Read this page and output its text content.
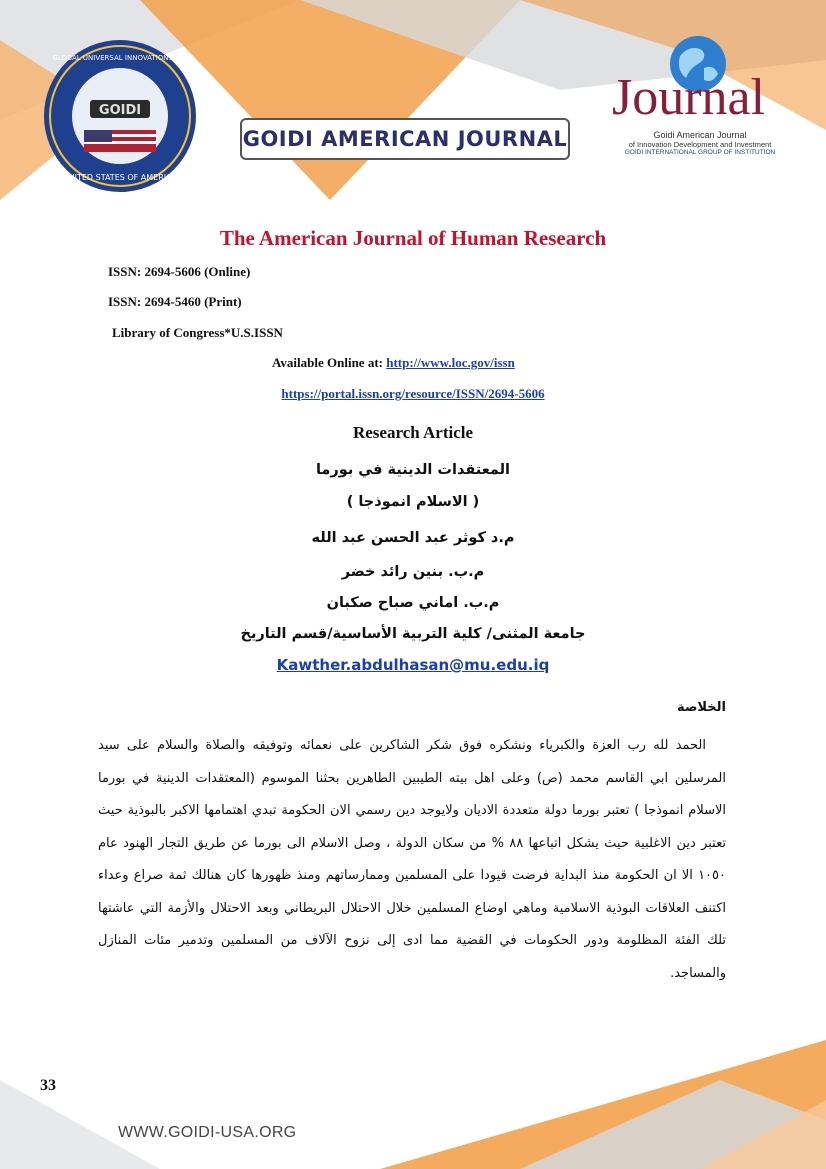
GOIDI
GLOBAL UNIVERSAL INNOVATIONS INC
UNITED STATES OF AMERICA
GOIDI AMERICAN JOURNAL
Journal
Goidi American Journal
of Innovation Development and Investment
GOIDI INTERNATIONAL GROUP OF INSTITUTION
The American Journal of Human Research
ISSN: 2694-5606 (Online)
ISSN: 2694-5460 (Print)
Library of Congress*U.S.ISSN
Available Online at: http://www.loc.gov/issn
https://portal.issn.org/resource/ISSN/2694-5606
Research Article
المعتقدات الدينية في بورما
( الاسلام انموذجا )
م.د كوثر عبد الحسن عبد الله
م.ب. بنين رائد خضر
م.ب. اماني صباح صكبان
جامعة المثنى/ كلية التربية الأساسية/قسم التاريخ
Kawther.abdulhasan@mu.edu.iq
الخلاصة
الحمد لله رب العزة والكبرياء ونشكره فوق شكر الشاكرين على نعمائه وتوفيقه والصلاة والسلام على سيد المرسلين ابي القاسم محمد (ص) وعلى اهل بيته الطيبين الطاهرين بحثنا الموسوم (المعتقدات الدينية في بورما الاسلام انموذجا ) تعتبر بورما دولة متعددة الاديان ولايوجد دين رسمي الان الحكومة تبدي اهتمامها الاكبر بالبوذية حيث تعتبر دين الاغلبية حيث يشكل اتباعها ٨٨ % من سكان الدولة ، وصل الاسلام الى بورما عن طريق التجار الهنود عام ١٠٥٠ الا ان الحكومة منذ البداية فرضت قيودا على المسلمين وممارساتهم ومنذ ظهورها كان هنالك ثمة صراع وعداء اكتنف العلاقات البوذية الاسلامية وماهي اوضاع المسلمين خلال الاحتلال البريطاني وبعد الاحتلال والأزمة التي عاشتها تلك الفئة المظلومة ودور الحكومات في القضية مما ادى إلى نزوح الآلاف من المسلمين وتدمير مئات المنازل والمساجد.
33
WWW.GOIDI-USA.ORG
